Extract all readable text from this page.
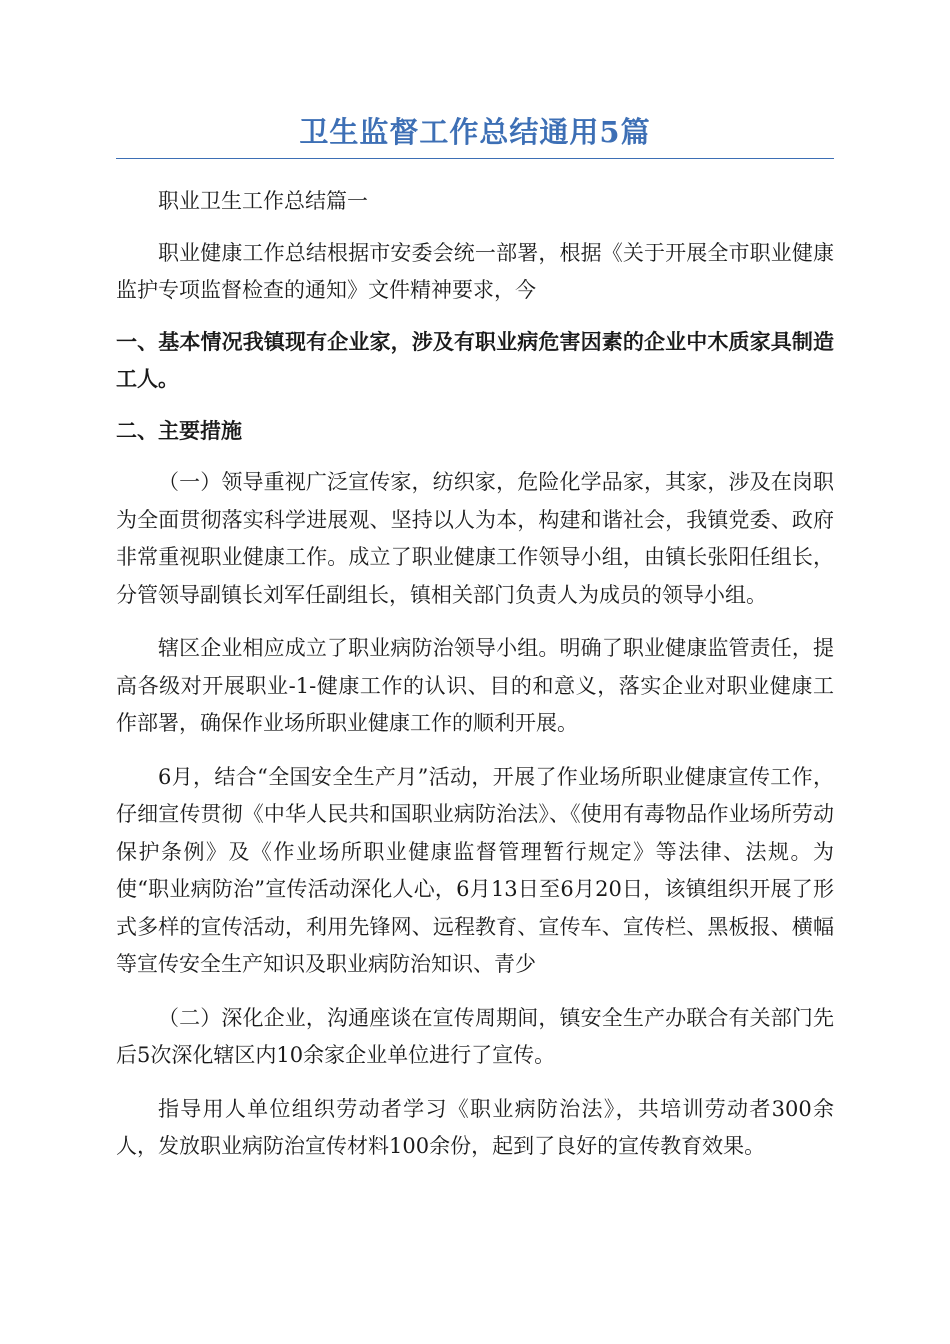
卫生监督工作总结通用5篇

职业卫生工作总结篇一

职业健康工作总结根据市安委会统一部署，根据《关于开展全市职业健康监护专项监督检查的通知》文件精神要求，今

一、基本情况我镇现有企业家，涉及有职业病危害因素的企业中木质家具制造工人。

二、主要措施

（一）领导重视广泛宣传家，纺织家，危险化学品家，其家，涉及在岗职为全面贯彻落实科学进展观、坚持以人为本，构建和谐社会，我镇党委、政府非常重视职业健康工作。成立了职业健康工作领导小组，由镇长张阳任组长，分管领导副镇长刘军任副组长，镇相关部门负责人为成员的领导小组。

辖区企业相应成立了职业病防治领导小组。明确了职业健康监管责任，提高各级对开展职业-1-健康工作的认识、目的和意义，落实企业对职业健康工作部署，确保作业场所职业健康工作的顺利开展。

6月，结合“全国安全生产月”活动，开展了作业场所职业健康宣传工作，仔细宣传贯彻《中华人民共和国职业病防治法》、《使用有毒物品作业场所劳动保护条例》及《作业场所职业健康监督管理暂行规定》等法律、法规。为使“职业病防治”宣传活动深化人心，6月13日至6月20日，该镇组织开展了形式多样的宣传活动，利用先锋网、远程教育、宣传车、宣传栏、黑板报、横幅等宣传安全生产知识及职业病防治知识、青少

（二）深化企业，沟通座谈在宣传周期间，镇安全生产办联合有关部门先后5次深化辖区内10余家企业单位进行了宣传。

指导用人单位组织劳动者学习《职业病防治法》，共培训劳动者300余人，发放职业病防治宣传材料100余份，起到了良好的宣传教育效果。
